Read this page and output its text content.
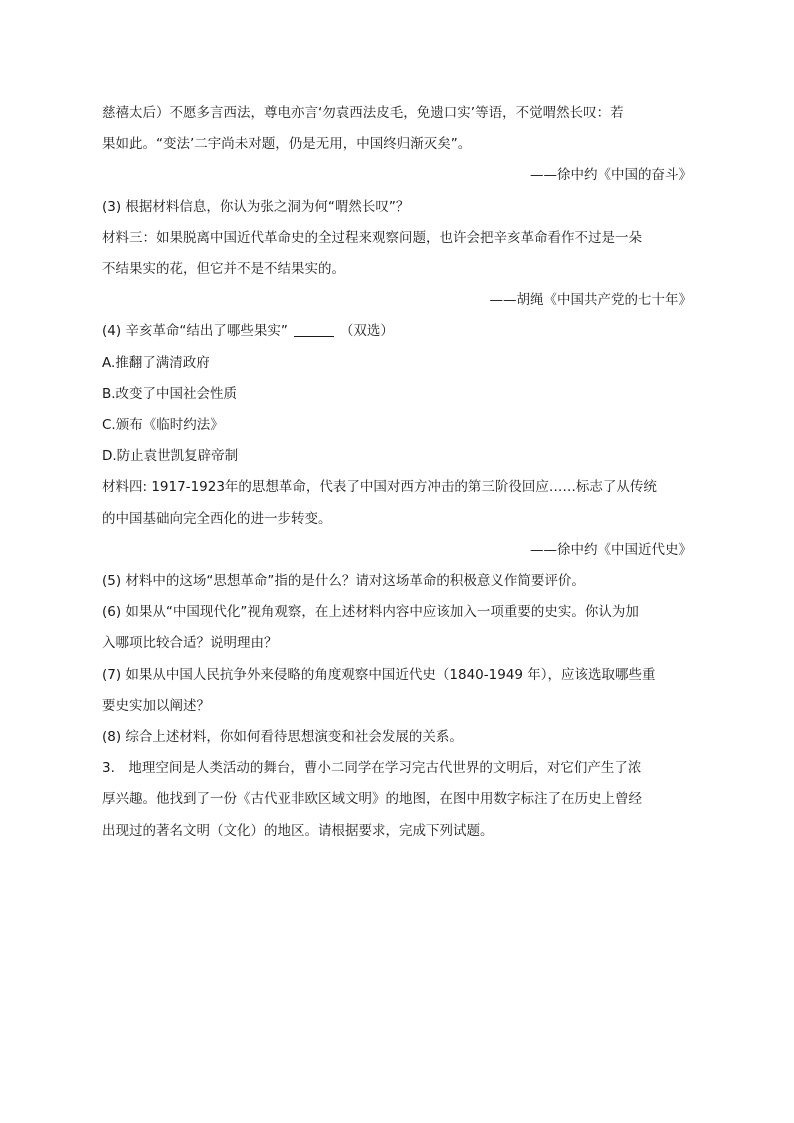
慈禧太后）不愿多言西法，尊电亦言‘勿袁西法皮毛，免遗口实’等语，不觉喟然长叹：若
果如此。“变法’二宇尚未对题，仍是无用，中国终归渐灭矣”。
——徐中约《中国的奋斗》
(3) 根据材料信息，你认为张之洞为何“喟然长叹”？
材料三：如果脱离中国近代革命史的全过程来观察问题，也许会把辛亥革命看作不过是一朵
不结果实的花，但它并不是不结果实的。
——胡绳《中国共产党的七十年》
(4) 辛亥革命“结出了哪些果实”	（双选）
A.推翻了满清政府
B.改变了中国社会性质
C.颁布《临时约法》
D.防止袁世凯复辟帝制
材料四: 1917-1923年的思想革命，代表了中国对西方冲击的第三阶役回应……标志了从传统
的中国基础向完全西化的进一步转变。
——徐中约《中国近代史》
(5) 材料中的这场“思想革命”指的是什么？请对这场革命的积极意义作简要评价。
(6) 如果从“中国现代化”视角观察，在上述材料内容中应该加入一项重要的史实。你认为加
入哪项比较合适？说明理由？
(7) 如果从中国人民抗争外来侵略的角度观察中国近代史（1840-1949 年），应该选取哪些重
要史实加以阐述？
(8) 综合上述材料，你如何看待思想演变和社会发展的关系。
3.　地理空间是人类活动的舞台，曹小二同学在学习完古代世界的文明后，对它们产生了浓
厚兴趣。他找到了一份《古代亚非欧区域文明》的地图，在图中用数字标注了在历史上曾经
出现过的著名文明（文化）的地区。请根据要求，完成下列试题。
